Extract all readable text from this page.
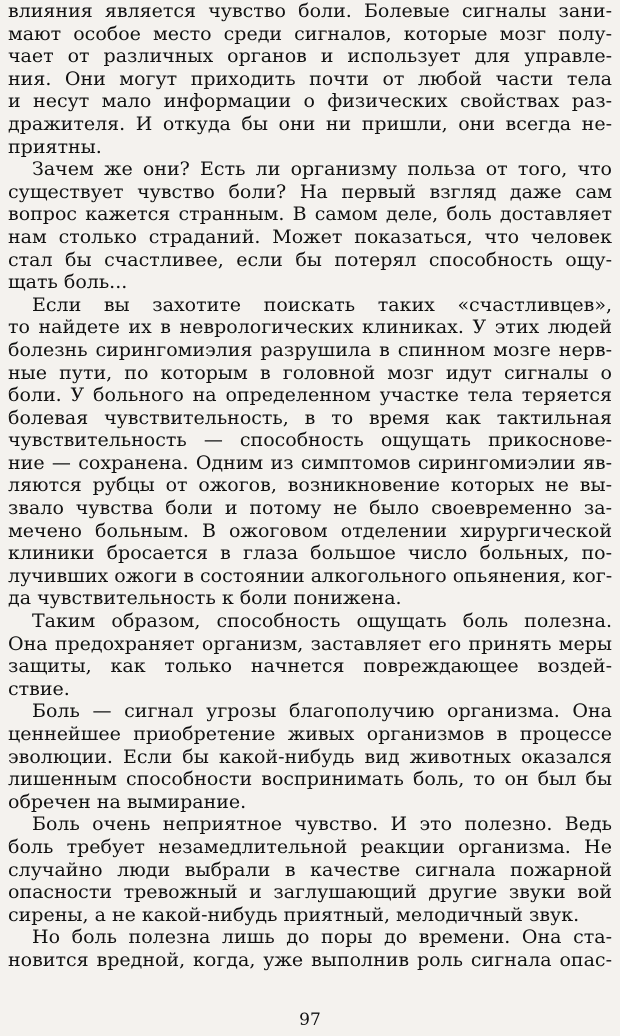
влияния является чувство боли. Болевые сигналы зани-
мают особое место среди сигналов, которые мозг полу-
чает от различных органов и использует для управле-
ния. Они могут приходить почти от любой части тела
и несут мало информации о физических свойствах раз-
дражителя. И откуда бы они ни пришли, они всегда не-
приятны.
Зачем же они? Есть ли организму польза от того, что
существует чувство боли? На первый взгляд даже сам
вопрос кажется странным. В самом деле, боль доставляет
нам столько страданий. Может показаться, что человек
стал бы счастливее, если бы потерял способность ощу-
щать боль...
Если вы захотите поискать таких «счастливцев»,
то найдете их в неврологических клиниках. У этих людей
болезнь сирингомиэлия разрушила в спинном мозге нерв-
ные пути, по которым в головной мозг идут сигналы о
боли. У больного на определенном участке тела теряется
болевая чувствительность, в то время как тактильная
чувствительность — способность ощущать прикоснове-
ние — сохранена. Одним из симптомов сирингомиэлии яв-
ляются рубцы от ожогов, возникновение которых не вы-
звало чувства боли и потому не было своевременно за-
мечено больным. В ожоговом отделении хирургической
клиники бросается в глаза большое число больных, по-
лучивших ожоги в состоянии алкогольного опьянения, ког-
да чувствительность к боли понижена.
Таким образом, способность ощущать боль полезна.
Она предохраняет организм, заставляет его принять меры
защиты, как только начнется повреждающее воздей-
ствие.
Боль — сигнал угрозы благополучию организма. Она
ценнейшее приобретение живых организмов в процессе
эволюции. Если бы какой-нибудь вид животных оказался
лишенным способности воспринимать боль, то он был бы
обречен на вымирание.
Боль очень неприятное чувство. И это полезно. Ведь
боль требует незамедлительной реакции организма. Не
случайно люди выбрали в качестве сигнала пожарной
опасности тревожный и заглушающий другие звуки вой
сирены, а не какой-нибудь приятный, мелодичный звук.
Но боль полезна лишь до поры до времени. Она ста-
новится вредной, когда, уже выполнив роль сигнала опас-
97
